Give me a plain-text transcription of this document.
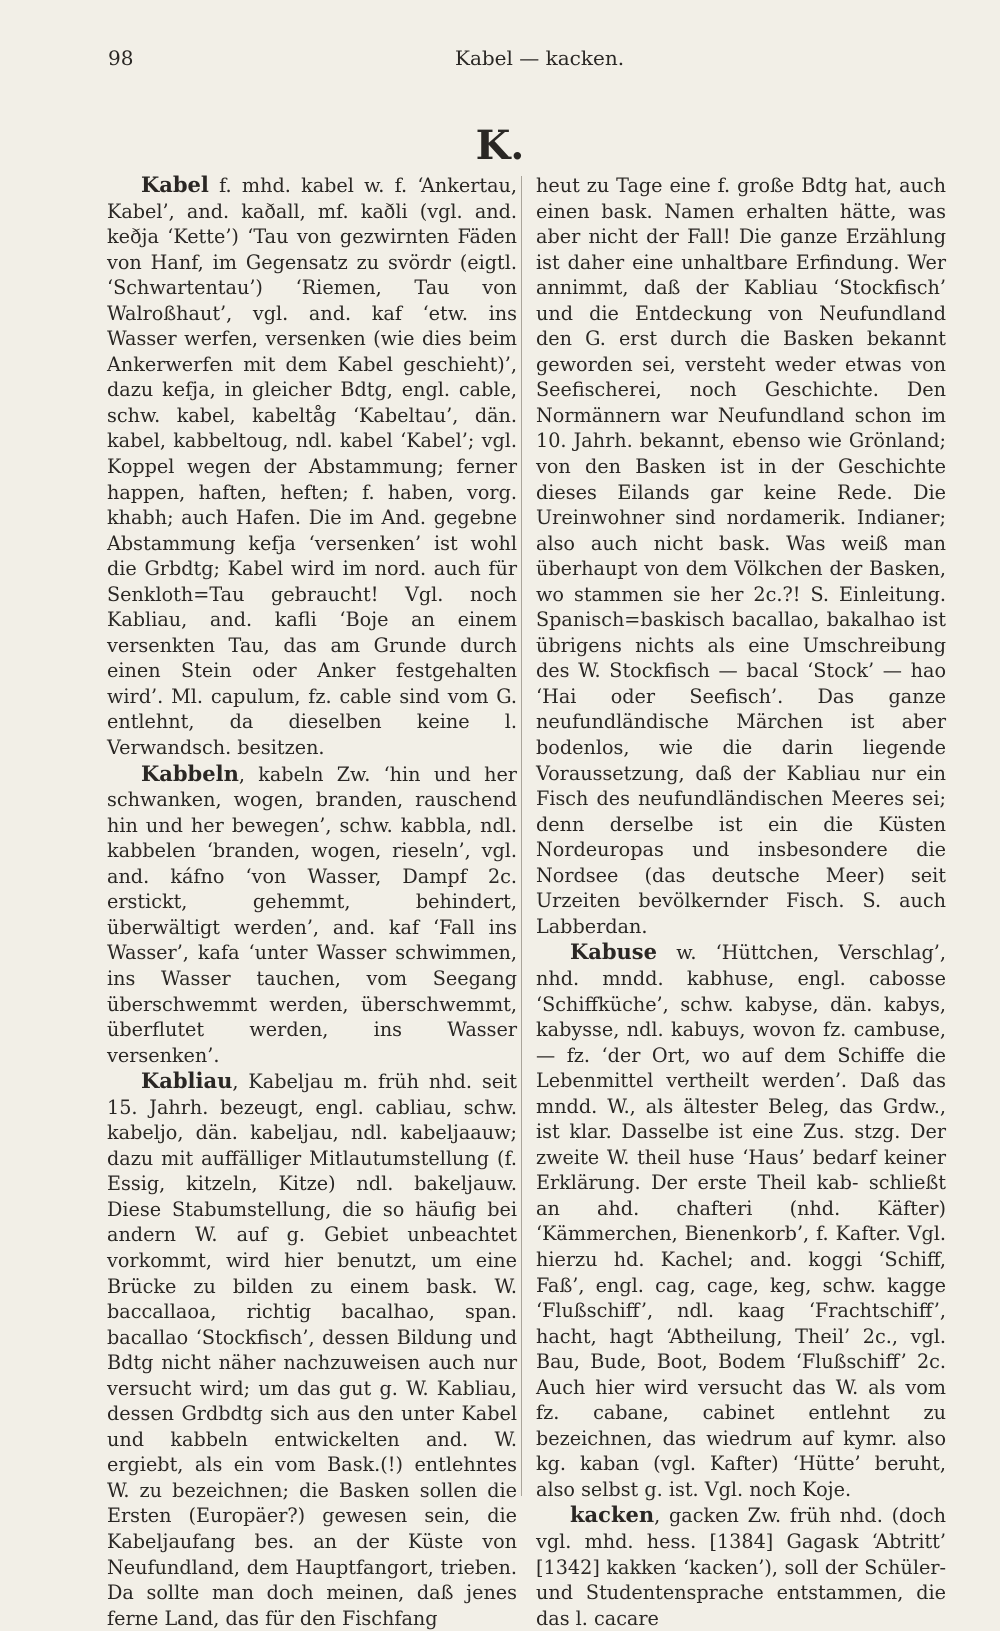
98	Kabel — kacken.
K.

Kabel f. mhd. kabel w. f. ‘Ankertau, Kabel’, and. kaðall, mf. kaðli (vgl. and. keðja ‘Kette’) ‘Tau von gezwirnten Fäden von Hanf, im Gegensatz zu svördr (eigtl. ‘Schwartentau’) ‘Riemen, Tau von Walroßhaut’, vgl. and. kaf ‘etw. ins Wasser werfen, versenken (wie dies beim Ankerwerfen mit dem Kabel geschieht)’, dazu kefja, in gleicher Bdtg, engl. cable, schw. kabel, kabeltåg ‘Kabeltau’, dän. kabel, kabbeltoug, ndl. kabel ‘Kabel’; vgl. Koppel wegen der Abstammung; ferner happen, haften, heften; f. haben, vorg. khabh; auch Hafen. Die im And. gegebne Abstammung kefja ‘versenken’ ist wohl die Grbdtg; Kabel wird im nord. auch für Senkloth=Tau gebraucht! Vgl. noch Kabliau, and. kafli ‘Boje an einem versenkten Tau, das am Grunde durch einen Stein oder Anker festgehalten wird’. Ml. capulum, fz. cable sind vom G. entlehnt, da dieselben keine l. Verwandsch. besitzen.

Kabbeln, kabeln Zw. ‘hin und her schwanken, wogen, branden, rauschend hin und her bewegen’, schw. kabbla, ndl. kabbelen ‘branden, wogen, rieseln’, vgl. and. káfno ‘von Wasser, Dampf 2c. erstickt, gehemmt, behindert, überwältigt werden’, and. kaf ‘Fall ins Wasser’, kafa ‘unter Wasser schwimmen, ins Wasser tauchen, vom Seegang überschwemmt werden, überschwemmt, überflutet werden, ins Wasser versenken’.

Kabliau, Kabeljau m. früh nhd. seit 15. Jahrh. bezeugt, engl. cabliau, schw. kabeljo, dän. kabeljau, ndl. kabeljaauw; dazu mit auffälliger Mitlautumstellung (f. Essig, kitzeln, Kitze) ndl. bakeljauw. Diese Stabumstellung, die so häufig bei andern W. auf g. Gebiet unbeachtet vorkommt, wird hier benutzt, um eine Brücke zu bilden zu einem bask. W. baccallaoa, richtig bacalhao, span. bacallao ‘Stockfisch’, dessen Bildung und Bdtg nicht näher nachzuweisen auch nur versucht wird; um das gut g. W. Kabliau, dessen Grdbdtg sich aus den unter Kabel und kabbeln entwickelten and. W. ergiebt, als ein vom Bask.(!) entlehntes W. zu bezeichnen; die Basken sollen die Ersten (Europäer?) gewesen sein, die Kabeljaufang bes. an der Küste von Neufundland, dem Hauptfangort, trieben. Da sollte man doch meinen, daß jenes ferne Land, das für den Fischfang

heut zu Tage eine f. große Bdtg hat, auch einen bask. Namen erhalten hätte, was aber nicht der Fall! Die ganze Erzählung ist daher eine unhaltbare Erfindung. Wer annimmt, daß der Kabliau ‘Stockfisch’ und die Entdeckung von Neufundland den G. erst durch die Basken bekannt geworden sei, versteht weder etwas von Seefischerei, noch Geschichte. Den Normännern war Neufundland schon im 10. Jahrh. bekannt, ebenso wie Grönland; von den Basken ist in der Geschichte dieses Eilands gar keine Rede. Die Ureinwohner sind nordamerik. Indianer; also auch nicht bask. Was weiß man überhaupt von dem Völkchen der Basken, wo stammen sie her 2c.?! S. Einleitung. Spanisch=baskisch bacallao, bakalhao ist übrigens nichts als eine Umschreibung des W. Stockfisch — bacal ‘Stock’ — hao ‘Hai oder Seefisch’. Das ganze neufundländische Märchen ist aber bodenlos, wie die darin liegende Voraussetzung, daß der Kabliau nur ein Fisch des neufundländischen Meeres sei; denn derselbe ist ein die Küsten Nordeuropas und insbesondere die Nordsee (das deutsche Meer) seit Urzeiten bevölkernder Fisch. S. auch Labberdan.

Kabuse w. ‘Hüttchen, Verschlag’, nhd. mndd. kabhuse, engl. cabosse ‘Schiffküche’, schw. kabyse, dän. kabys, kabysse, ndl. kabuys, wovon fz. cambuse, — fz. ‘der Ort, wo auf dem Schiffe die Lebenmittel vertheilt werden’. Daß das mndd. W., als ältester Beleg, das Grdw., ist klar. Dasselbe ist eine Zus. stzg. Der zweite W. theil huse ‘Haus’ bedarf keiner Erklärung. Der erste Theil kab- schließt an ahd. chafteri (nhd. Käfter) ‘Kämmerchen, Bienenkorb’, f. Kafter. Vgl. hierzu hd. Kachel; and. koggi ‘Schiff, Faß’, engl. cag, cage, keg, schw. kagge ‘Flußschiff’, ndl. kaag ‘Frachtschiff’, hacht, hagt ‘Abtheilung, Theil’ 2c., vgl. Bau, Bude, Boot, Bodem ‘Flußschiff’ 2c. Auch hier wird versucht das W. als vom fz. cabane, cabinet entlehnt zu bezeichnen, das wiedrum auf kymr. also kg. kaban (vgl. Kafter) ‘Hütte’ beruht, also selbst g. ist. Vgl. noch Koje.

kacken, gacken Zw. früh nhd. (doch vgl. mhd. hess. [1384] Gagask ‘Abtritt’ [1342] kakken ‘kacken’), soll der Schüler- und Studentensprache entstammen, die das l. cacare
